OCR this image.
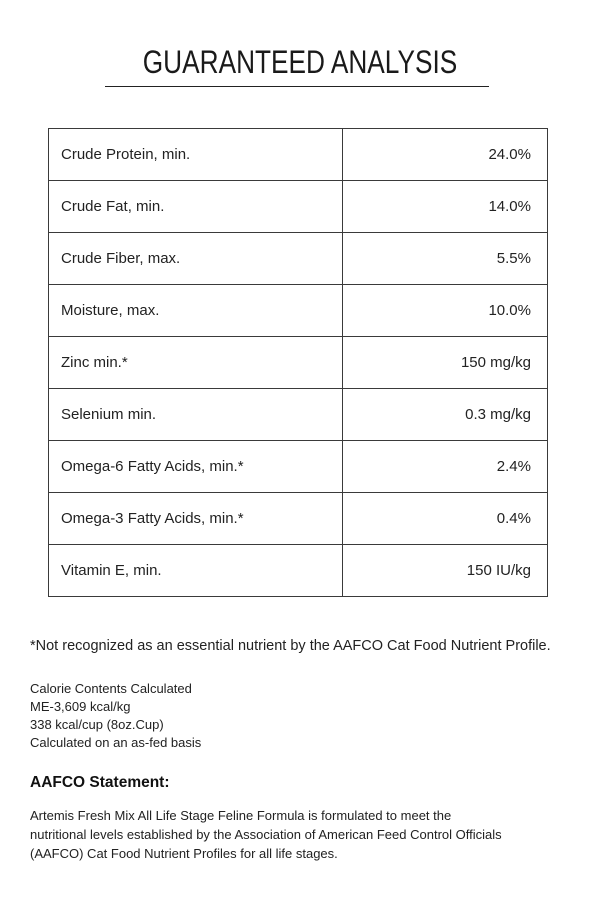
GUARANTEED ANALYSIS
Crude Protein, min.	24.0%
Crude Fat, min.	14.0%
Crude Fiber, max.	5.5%
Moisture, max.	10.0%
Zinc min.*	150 mg/kg
Selenium min.	0.3 mg/kg
Omega-6 Fatty Acids, min.*	2.4%
Omega-3 Fatty Acids, min.*	0.4%
Vitamin E, min.	150 IU/kg
*Not recognized as an essential nutrient by the AAFCO Cat Food Nutrient Profile.
Calorie Contents Calculated
ME-3,609 kcal/kg
338 kcal/cup (8oz.Cup)
Calculated on an as-fed basis
AAFCO Statement:
Artemis Fresh Mix All Life Stage Feline Formula is formulated to meet the
nutritional levels established by the Association of American Feed Control Officials
(AAFCO) Cat Food Nutrient Profiles for all life stages.
